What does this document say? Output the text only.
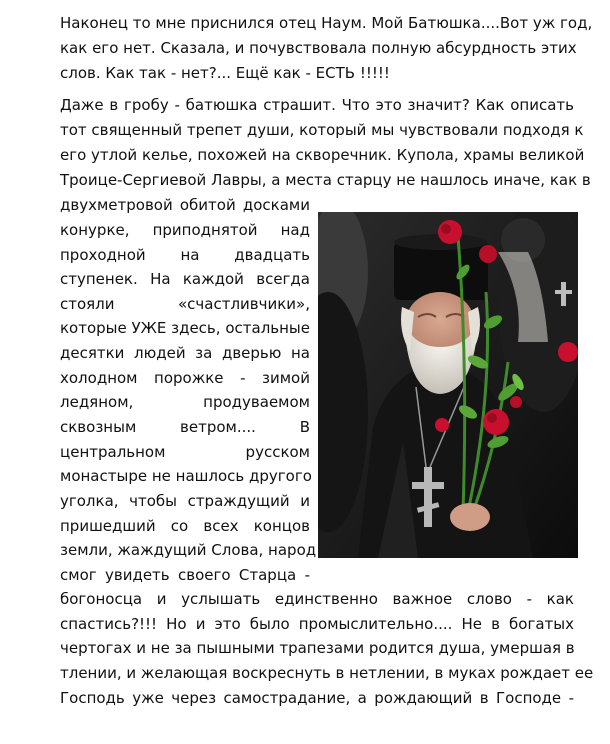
Наконец то мне приснился отец Наум. Мой Батюшка....Вот уж год,
как его нет. Сказала, и почувствовала полную абсурдность этих
слов. Как так - нет?... Ещё как - ЕСТЬ !!!!!
Даже в гробу - батюшка страшит. Что это значит? Как описать
тот священный трепет души, который мы чувствовали подходя к
его утлой келье, похожей на скворечник. Купола, храмы великой
Троице-Сергиевой Лавры, а места старцу не нашлось иначе, как в
двухметровой обитой досками
конурке, приподнятой над
проходной на двадцать
ступенек. На каждой всегда
стояли «счастливчики»,
которые УЖЕ здесь, остальные
десятки людей за дверью на
холодном порожке - зимой
ледяном, продуваемом
сквозным ветром.... В
центральном русском
монастыре не нашлось другого
уголка, чтобы страждущий и
пришедший со всех концов
земли, жаждущий Слова, народ
смог увидеть своего Старца -
богоносца и услышать единственно важное слово - как
спастись?!!! Но и это было промыслительно.... Не в богатых
чертогах и не за пышными трапезами родится душа, умершая в
тлении, и желающая воскреснуть в нетлении, в муках рождает ее
Господь уже через самострадание, а рождающий в Господе -
